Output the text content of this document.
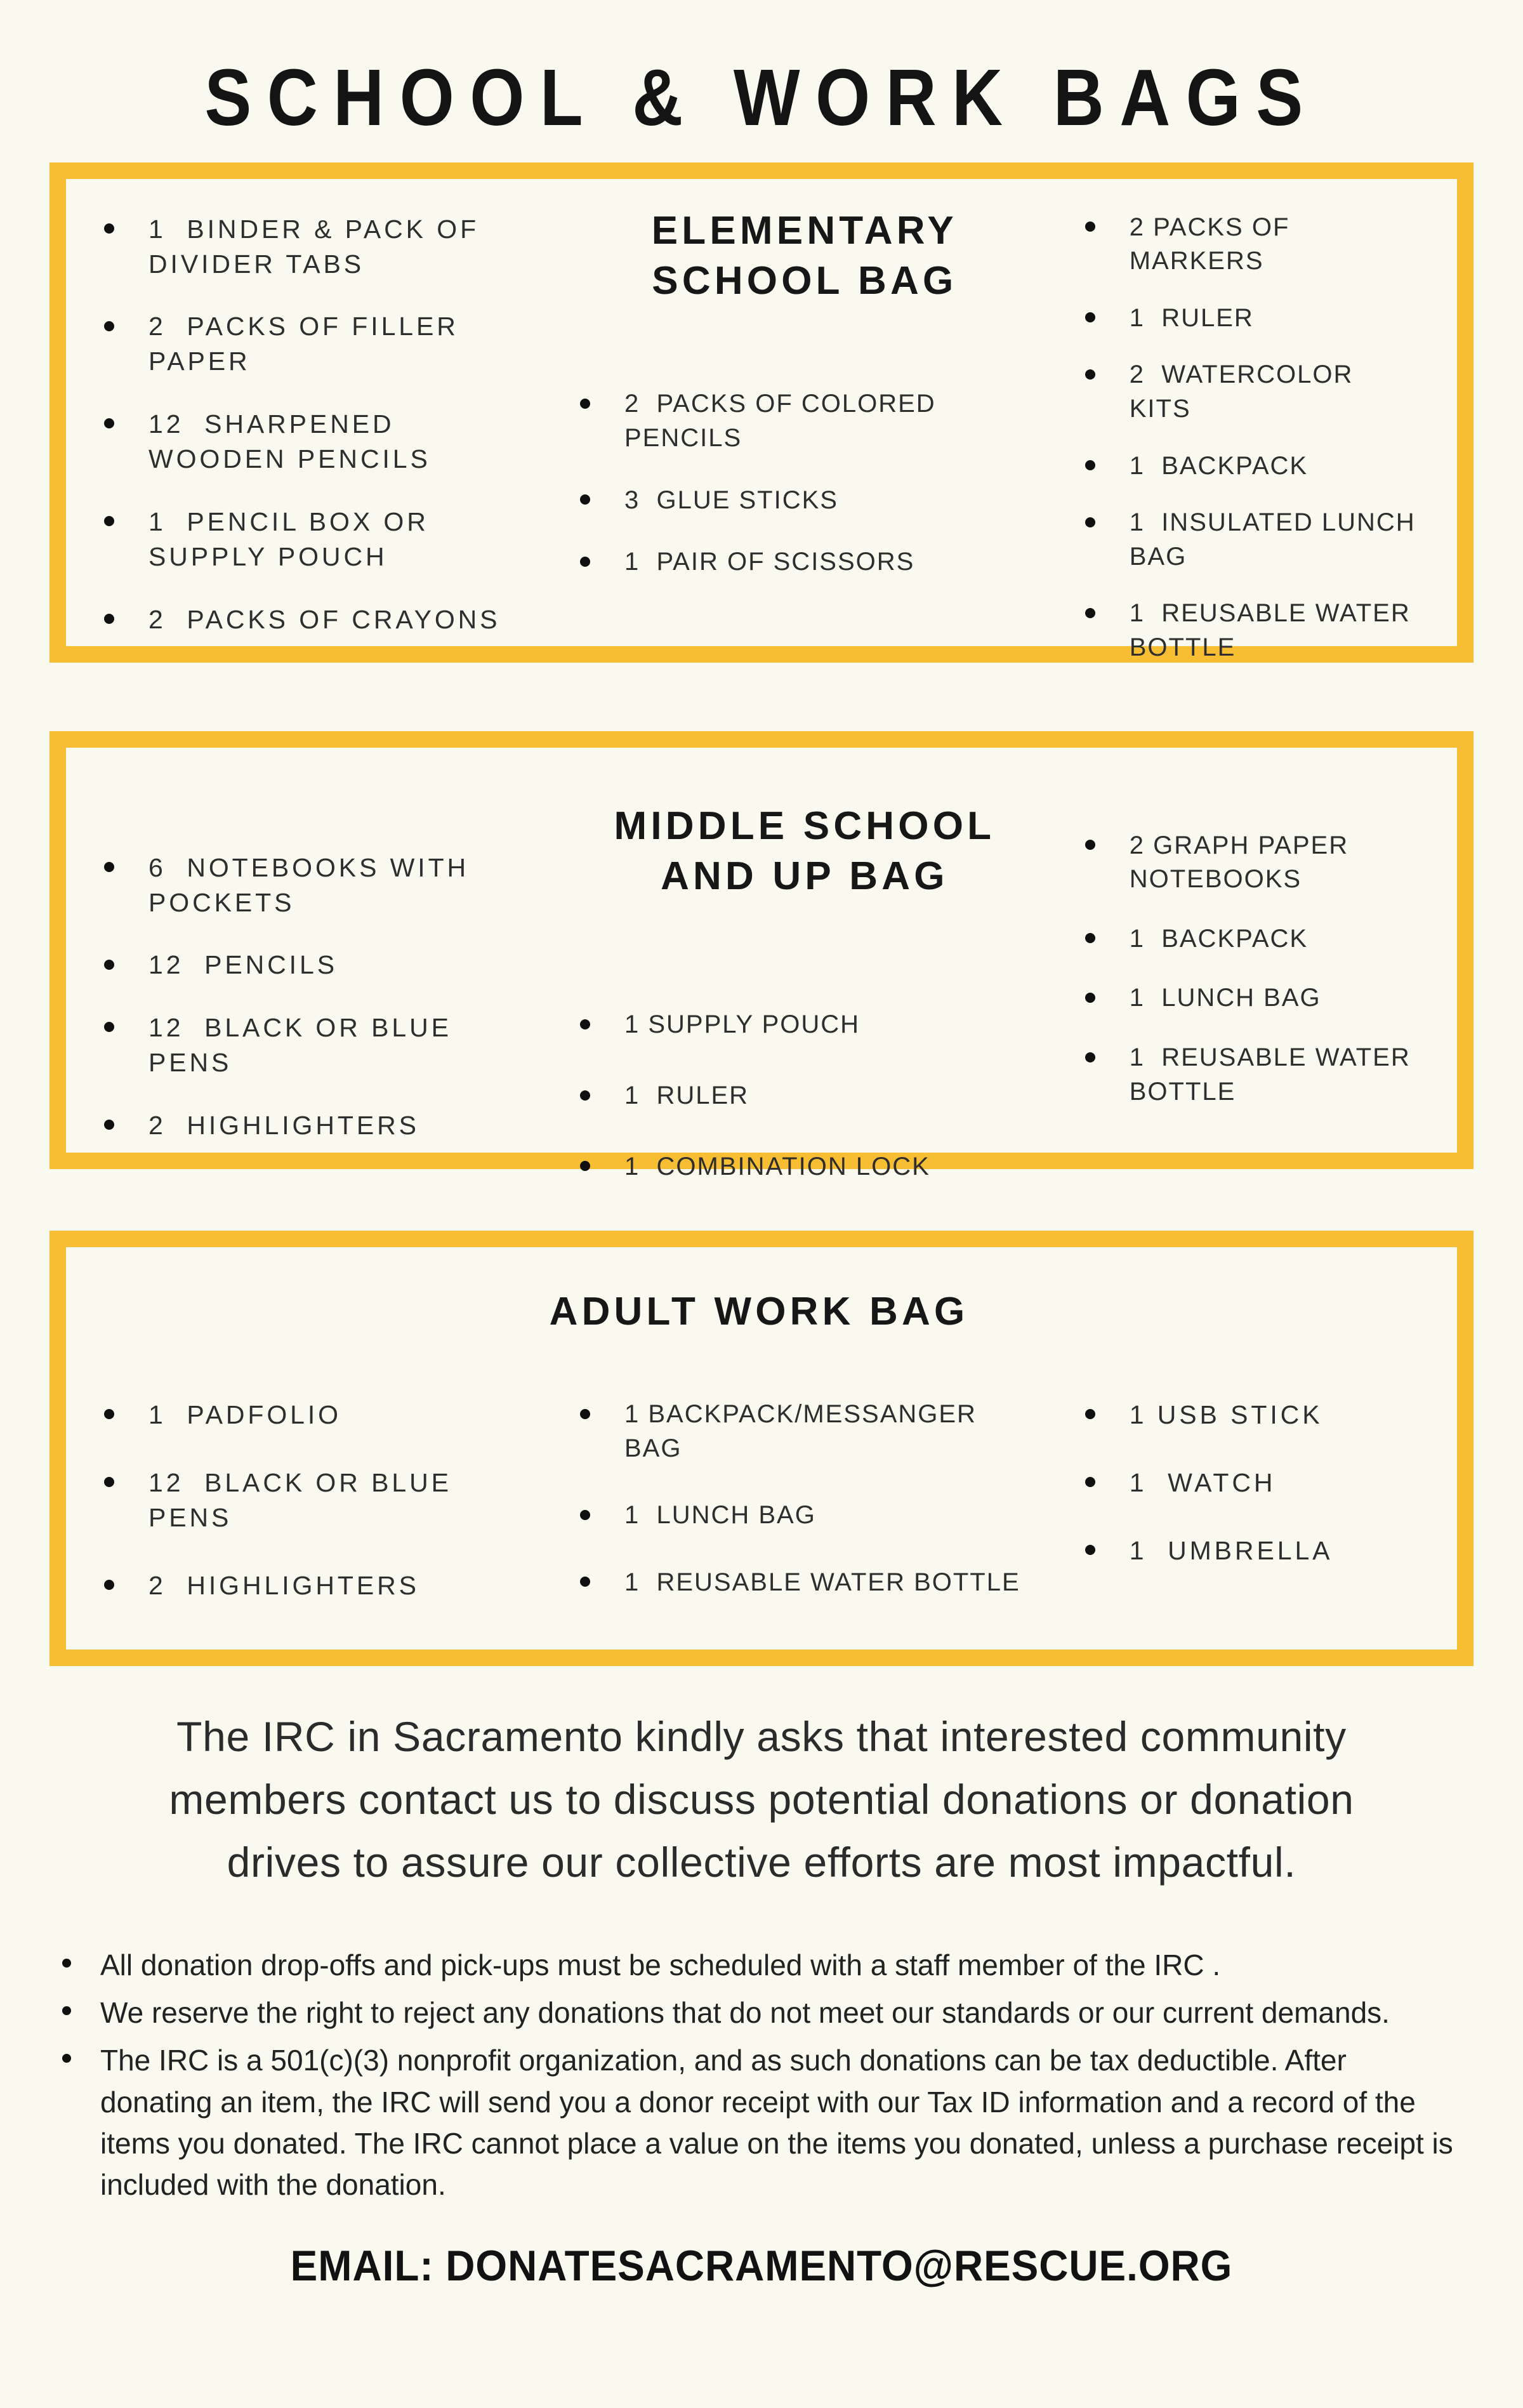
SCHOOL & WORK BAGS
1  BINDER & PACK OF DIVIDER TABS
2  PACKS OF FILLER PAPER
12  SHARPENED WOODEN PENCILS
1  PENCIL BOX OR SUPPLY POUCH
2  PACKS OF CRAYONS
ELEMENTARY SCHOOL BAG
2  PACKS OF COLORED PENCILS
3  GLUE STICKS
1  PAIR OF SCISSORS
2 PACKS OF MARKERS
1  RULER
2  WATERCOLOR KITS
1  BACKPACK
1  INSULATED LUNCH BAG
1  REUSABLE WATER BOTTLE
6  NOTEBOOKS WITH POCKETS
12  PENCILS
12  BLACK OR BLUE PENS
2  HIGHLIGHTERS
MIDDLE SCHOOL AND UP BAG
1 SUPPLY POUCH
1  RULER
1  COMBINATION LOCK
2 GRAPH PAPER NOTEBOOKS
1  BACKPACK
1  LUNCH BAG
1  REUSABLE WATER BOTTLE
ADULT WORK BAG
1  PADFOLIO
12  BLACK OR BLUE PENS
2  HIGHLIGHTERS
1 BACKPACK/MESSANGER BAG
1  LUNCH BAG
1  REUSABLE WATER BOTTLE
1 USB STICK
1  WATCH
1  UMBRELLA

The IRC in Sacramento kindly asks that interested community members contact us to discuss potential donations or donation drives to assure our collective efforts are most impactful.

All donation drop-offs and pick-ups must be scheduled with a staff member of the IRC .
We reserve the right to reject any donations that do not meet our standards or our current demands.
The IRC is a 501(c)(3) nonprofit organization, and as such donations can be tax deductible. After donating an item, the IRC will send you a donor receipt with our Tax ID information and a record of the items you donated. The IRC cannot place a value on the items you donated, unless a purchase receipt is included with the donation.
EMAIL: DONATESACRAMENTO@RESCUE.ORG
